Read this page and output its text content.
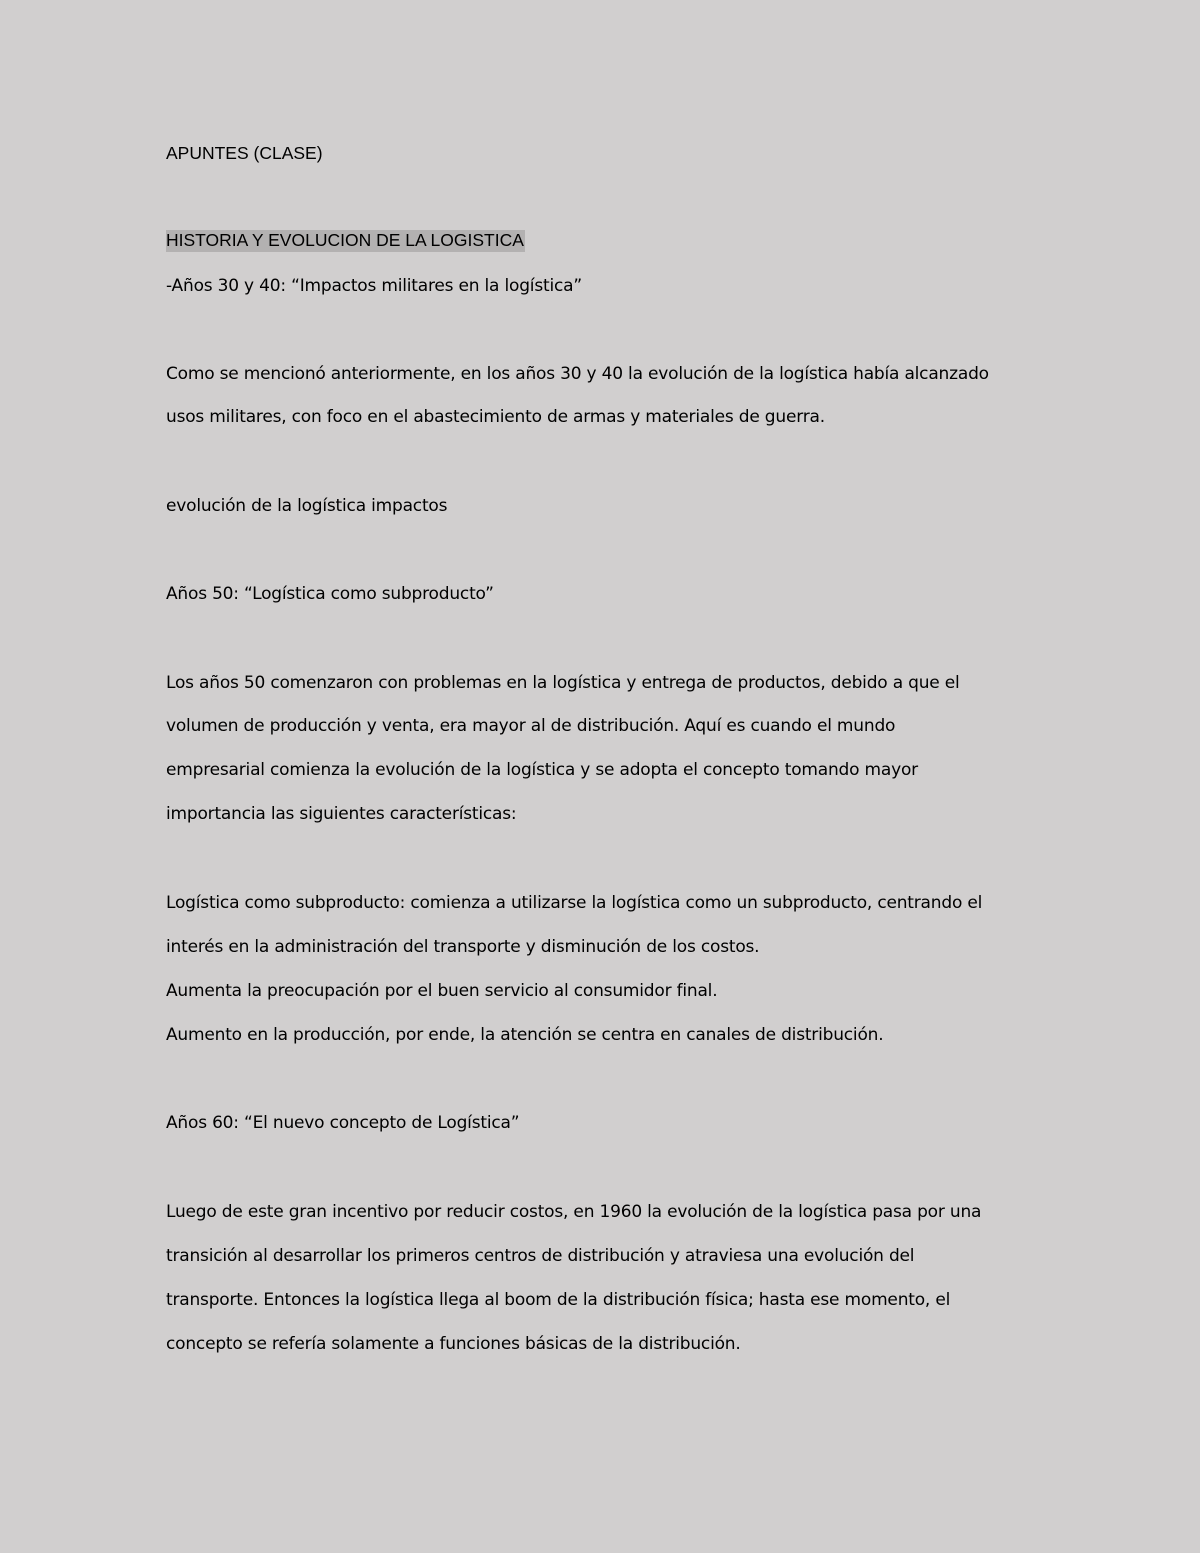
APUNTES (CLASE)
HISTORIA Y EVOLUCION DE LA LOGISTICA
-Años 30 y 40: “Impactos militares en la logística”
Como se mencionó anteriormente, en los años 30 y 40 la evolución de la logística había alcanzado
usos militares, con foco en el abastecimiento de armas y materiales de guerra.
evolución de la logística impactos
Años 50: “Logística como subproducto”
Los años 50 comenzaron con problemas en la logística y entrega de productos, debido a que el
volumen de producción y venta, era mayor al de distribución. Aquí es cuando el mundo
empresarial comienza la evolución de la logística y se adopta el concepto tomando mayor
importancia las siguientes características:
Logística como subproducto: comienza a utilizarse la logística como un subproducto, centrando el
interés en la administración del transporte y disminución de los costos.
Aumenta la preocupación por el buen servicio al consumidor final.
Aumento en la producción, por ende, la atención se centra en canales de distribución.
Años 60: “El nuevo concepto de Logística”
Luego de este gran incentivo por reducir costos, en 1960 la evolución de la logística pasa por una
transición al desarrollar los primeros centros de distribución y atraviesa una evolución del
transporte. Entonces la logística llega al boom de la distribución física; hasta ese momento, el
concepto se refería solamente a funciones básicas de la distribución.
